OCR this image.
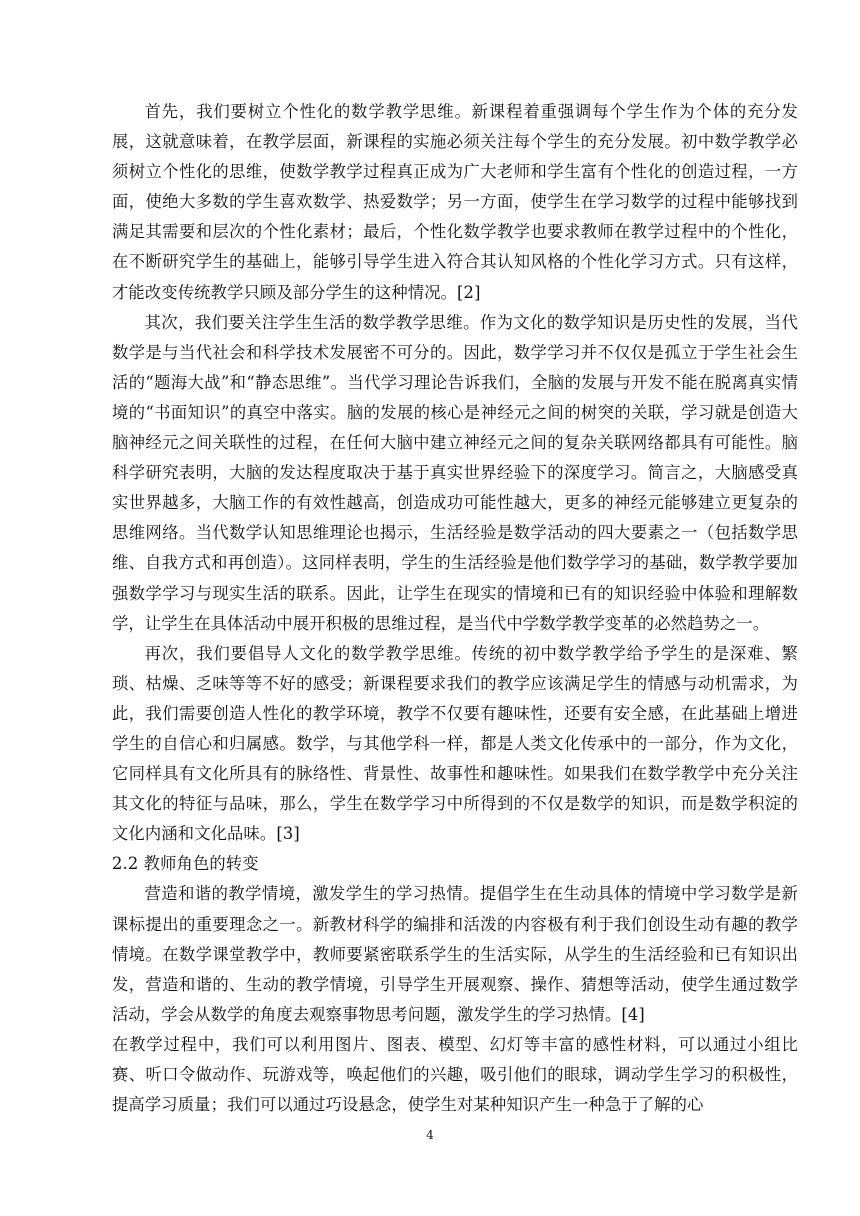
首先，我们要树立个性化的数学教学思维。新课程着重强调每个学生作为个体的充分发展，这就意味着，在教学层面，新课程的实施必须关注每个学生的充分发展。初中数学教学必须树立个性化的思维，使数学教学过程真正成为广大老师和学生富有个性化的创造过程，一方面，使绝大多数的学生喜欢数学、热爱数学；另一方面，使学生在学习数学的过程中能够找到满足其需要和层次的个性化素材；最后，个性化数学教学也要求教师在教学过程中的个性化，在不断研究学生的基础上，能够引导学生进入符合其认知风格的个性化学习方式。只有这样，才能改变传统教学只顾及部分学生的这种情况。[2]

其次，我们要关注学生生活的数学教学思维。作为文化的数学知识是历史性的发展，当代数学是与当代社会和科学技术发展密不可分的。因此，数学学习并不仅仅是孤立于学生社会生活的“题海大战”和“静态思维”。当代学习理论告诉我们，全脑的发展与开发不能在脱离真实情境的“书面知识”的真空中落实。脑的发展的核心是神经元之间的树突的关联，学习就是创造大脑神经元之间关联性的过程，在任何大脑中建立神经元之间的复杂关联网络都具有可能性。脑科学研究表明，大脑的发达程度取决于基于真实世界经验下的深度学习。简言之，大脑感受真实世界越多，大脑工作的有效性越高，创造成功可能性越大，更多的神经元能够建立更复杂的思维网络。当代数学认知思维理论也揭示，生活经验是数学活动的四大要素之一（包括数学思维、自我方式和再创造）。这同样表明，学生的生活经验是他们数学学习的基础，数学教学要加强数学学习与现实生活的联系。因此，让学生在现实的情境和已有的知识经验中体验和理解数学，让学生在具体活动中展开积极的思维过程，是当代中学数学教学变革的必然趋势之一。

再次，我们要倡导人文化的数学教学思维。传统的初中数学教学给予学生的是深难、繁琐、枯燥、乏味等等不好的感受；新课程要求我们的教学应该满足学生的情感与动机需求，为此，我们需要创造人性化的教学环境，教学不仅要有趣味性，还要有安全感，在此基础上增进学生的自信心和归属感。数学，与其他学科一样，都是人类文化传承中的一部分，作为文化，它同样具有文化所具有的脉络性、背景性、故事性和趣味性。如果我们在数学教学中充分关注其文化的特征与品味，那么，学生在数学学习中所得到的不仅是数学的知识，而是数学积淀的文化内涵和文化品味。[3]

2.2 教师角色的转变

营造和谐的教学情境，激发学生的学习热情。提倡学生在生动具体的情境中学习数学是新课标提出的重要理念之一。新教材科学的编排和活泼的内容极有利于我们创设生动有趣的教学情境。在数学课堂教学中，教师要紧密联系学生的生活实际，从学生的生活经验和已有知识出发，营造和谐的、生动的教学情境，引导学生开展观察、操作、猜想等活动，使学生通过数学活动，学会从数学的角度去观察事物思考问题，激发学生的学习热情。[4]

在教学过程中，我们可以利用图片、图表、模型、幻灯等丰富的感性材料，可以通过小组比赛、听口令做动作、玩游戏等，唤起他们的兴趣，吸引他们的眼球，调动学生学习的积极性，提高学习质量；我们可以通过巧设悬念，使学生对某种知识产生一种急于了解的心

4
